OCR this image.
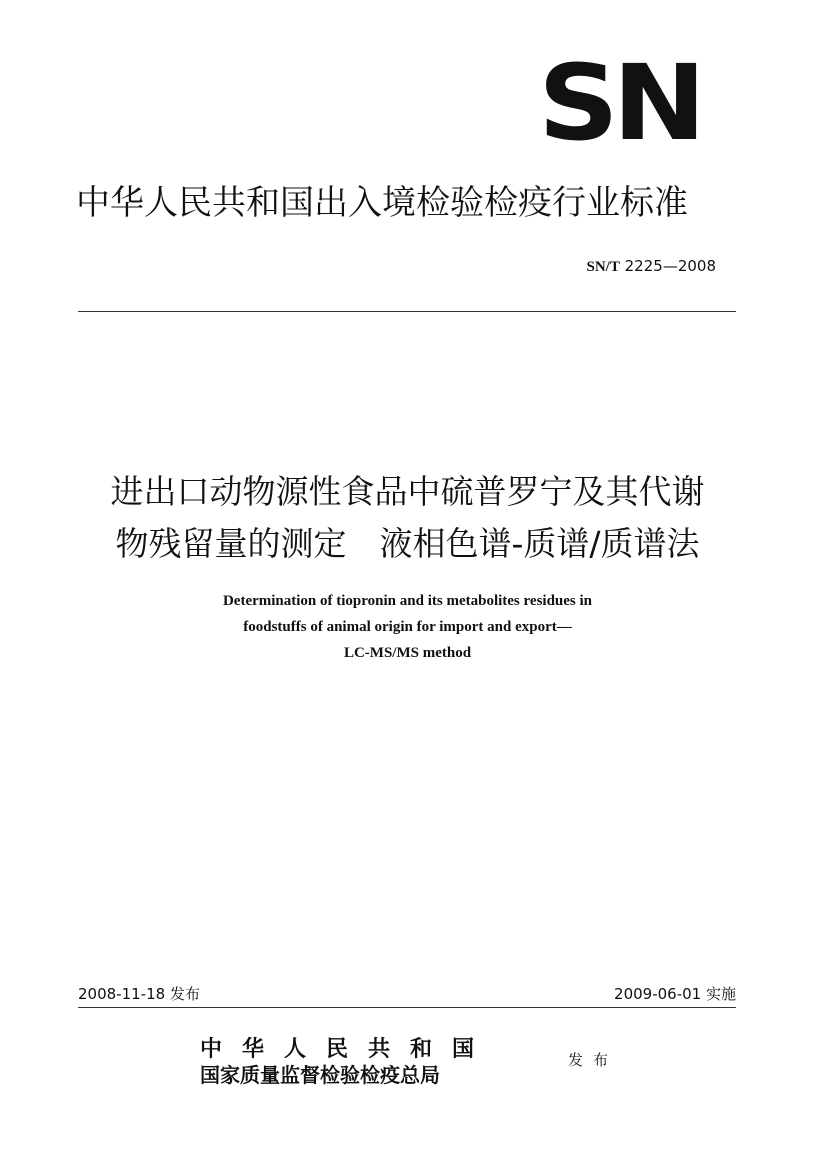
SN
中华人民共和国出入境检验检疫行业标准
SN/T 2225—2008
进出口动物源性食品中硫普罗宁及其代谢
物残留量的测定　液相色谱-质谱/质谱法
Determination of tiopronin and its metabolites residues in
foodstuffs of animal origin for import and export—
LC-MS/MS method
2008-11-18 发布	2009-06-01 实施
中华人民共和国
国家质量监督检验检疫总局
发布
